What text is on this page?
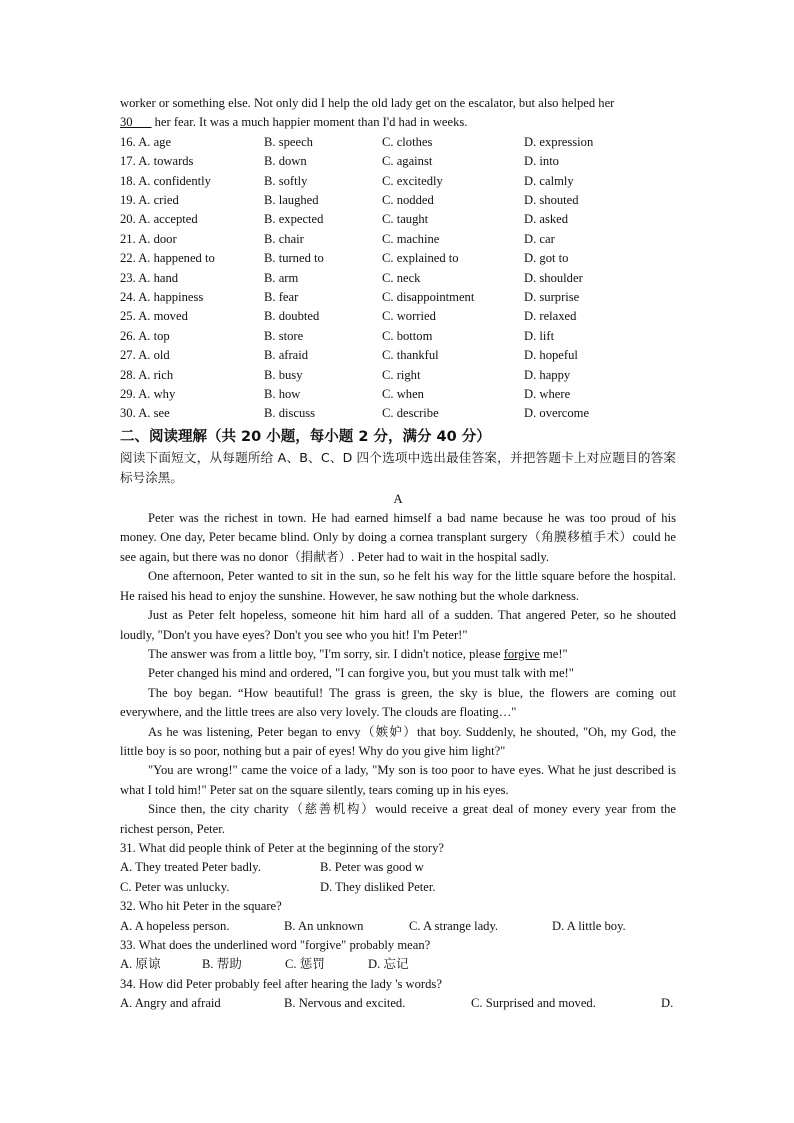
worker or something else. Not only did I help the old lady get on the escalator, but also helped her

30___ her fear. It was a much happier moment than I'd had in weeks.

16. A. age	B. speech	C. clothes	D. expression
17. A. towards	B. down	C. against	D. into
18. A. confidently	B. softly	C. excitedly	D. calmly
19. A. cried	B. laughed	C. nodded	D. shouted
20. A. accepted	B. expected	C. taught	D. asked
21. A. door	B. chair	C. machine	D. car
22. A. happened to	B. turned to	C. explained to	D. got to
23. A. hand	B. arm	C. neck	D. shoulder
24. A. happiness	B. fear	C. disappointment	D. surprise
25. A. moved	B. doubted	C. worried	D. relaxed
26. A. top	B. store	C. bottom	D. lift
27. A. old	B. afraid	C. thankful	D. hopeful
28. A. rich	B. busy	C. right	D. happy
29. A. why	B. how	C. when	D. where
30. A. see	B. discuss	C. describe	D. overcome
二、阅读理解（共 20 小题，每小题 2 分，满分 40 分）

阅读下面短文，从每题所给 A、B、C、D 四个选项中选出最佳答案，并把答题卡上对应题目的答案标号涂黑。

A

Peter was the richest in town. He had earned himself a bad name because he was too proud of his money. One day, Peter became blind. Only by doing a cornea transplant surgery（角膜移植手术）could he see again, but there was no donor（捐献者）. Peter had to wait in the hospital sadly.

One afternoon, Peter wanted to sit in the sun, so he felt his way for the little square before the hospital. He raised his head to enjoy the sunshine. However, he saw nothing but the whole darkness.

Just as Peter felt hopeless, someone hit him hard all of a sudden. That angered Peter, so he shouted loudly, "Don't you have eyes? Don't you see who you hit! I'm Peter!"

The answer was from a little boy, "I'm sorry, sir. I didn't notice, please forgive me!"

Peter changed his mind and ordered, "I can forgive you, but you must talk with me!"

The boy began. “How beautiful! The grass is green, the sky is blue, the flowers are coming out everywhere, and the little trees are also very lovely. The clouds are floating…"

As he was listening, Peter began to envy（嫉妒）that boy. Suddenly, he shouted, "Oh, my God, the little boy is so poor, nothing but a pair of eyes! Why do you give him light?"

"You are wrong!" came the voice of a lady, "My son is too poor to have eyes. What he just described is what I told him!" Peter sat on the square silently, tears coming up in his eyes.

Since then, the city charity（慈善机构）would receive a great deal of money every year from the richest person, Peter.

31. What did people think of Peter at the beginning of the story?

A. They treated Peter badly.	B. Peter was good w
C. Peter was unlucky.	D. They disliked Peter.

32. Who hit Peter in the square?

A. A hopeless person.	B. An unknown	C. A strange lady.	D. A little boy.

33. What does the underlined word "forgive" probably mean?

A. 原谅	B. 帮助	C. 惩罚	D. 忘记

34. How did Peter probably feel after hearing the lady 's words?

A. Angry and afraid	B. Nervous and excited.	C. Surprised and moved.	D.
